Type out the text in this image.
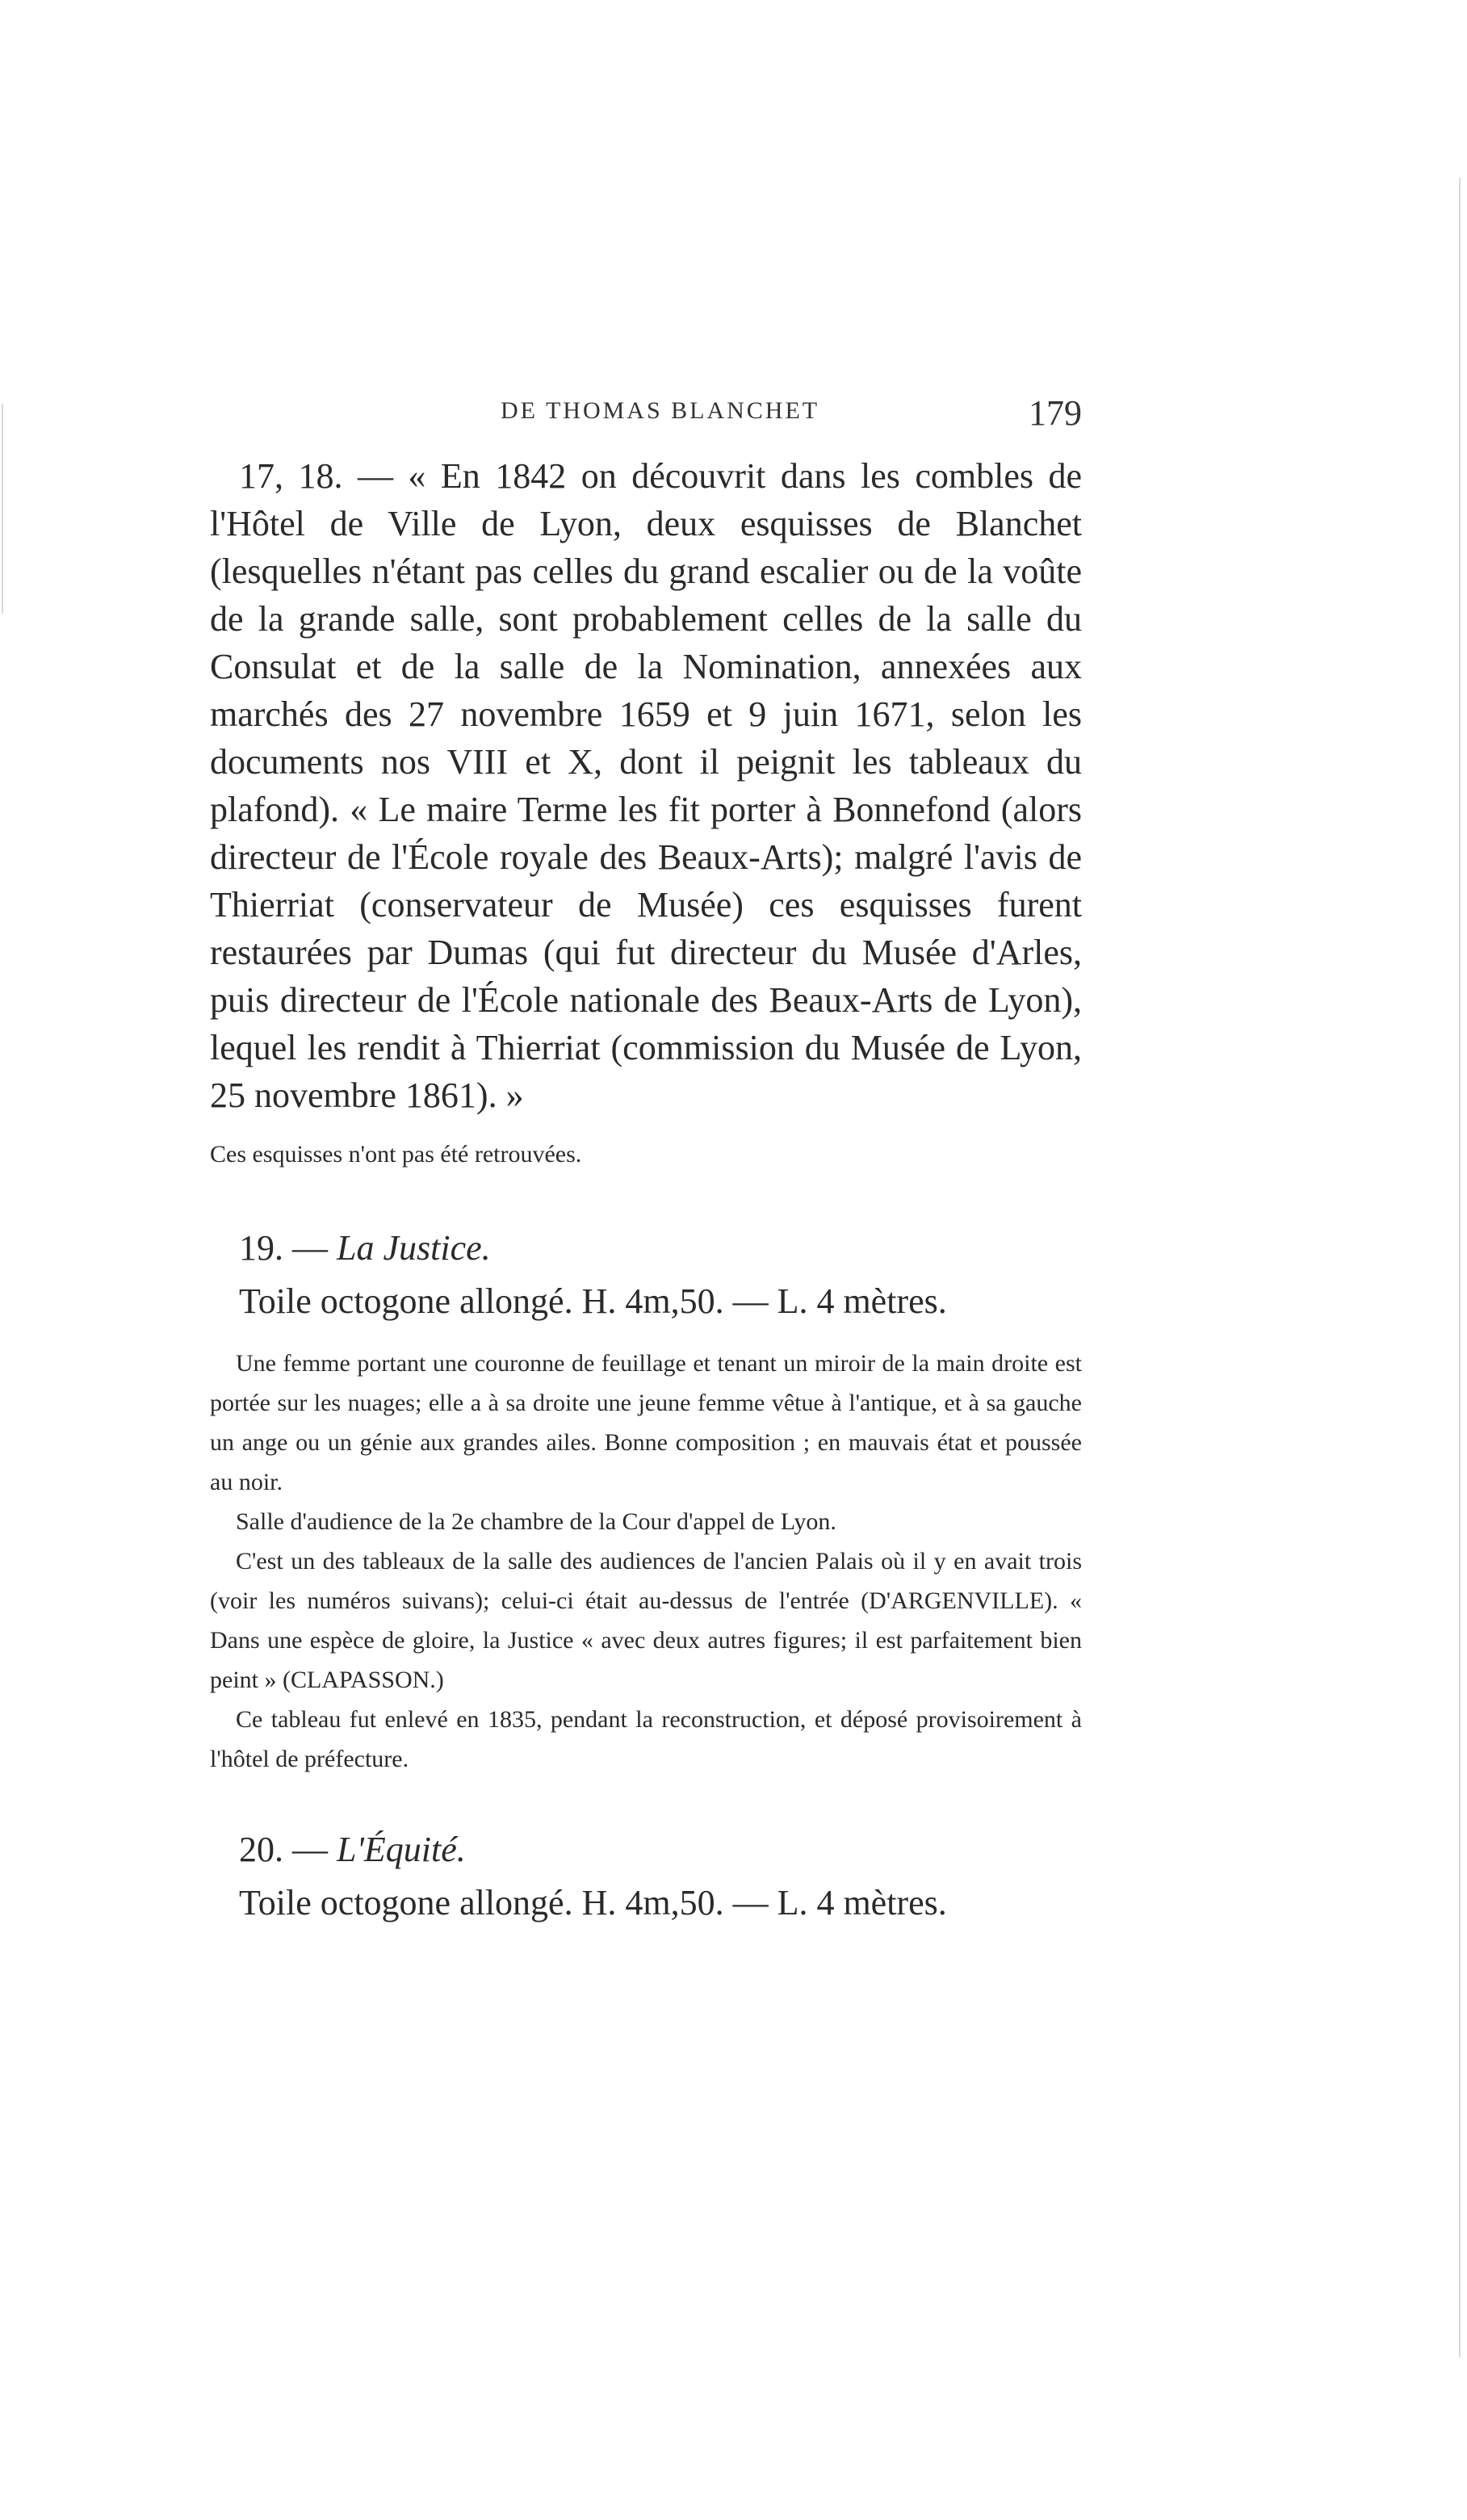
DE THOMAS BLANCHET	179

17, 18. — « En 1842 on découvrit dans les combles de l'Hôtel de Ville de Lyon, deux esquisses de Blanchet (lesquelles n'étant pas celles du grand escalier ou de la voûte de la grande salle, sont probablement celles de la salle du Consulat et de la salle de la Nomination, annexées aux marchés des 27 novembre 1659 et 9 juin 1671, selon les documents nos VIII et X, dont il peignit les tableaux du plafond). « Le maire Terme les fit porter à Bonnefond (alors directeur de l'École royale des Beaux-Arts); malgré l'avis de Thierriat (conservateur de Musée) ces esquisses furent restaurées par Dumas (qui fut directeur du Musée d'Arles, puis directeur de l'École nationale des Beaux-Arts de Lyon), lequel les rendit à Thierriat (commission du Musée de Lyon, 25 novembre 1861). »

Ces esquisses n'ont pas été retrouvées.

19. — La Justice.
Toile octogone allongé. H. 4m,50. — L. 4 mètres.

Une femme portant une couronne de feuillage et tenant un miroir de la main droite est portée sur les nuages; elle a à sa droite une jeune femme vêtue à l'antique, et à sa gauche un ange ou un génie aux grandes ailes. Bonne composition ; en mauvais état et poussée au noir.

Salle d'audience de la 2e chambre de la Cour d'appel de Lyon.

C'est un des tableaux de la salle des audiences de l'ancien Palais où il y en avait trois (voir les numéros suivans); celui-ci était au-dessus de l'entrée (D'ARGENVILLE). « Dans une espèce de gloire, la Justice « avec deux autres figures; il est parfaitement bien peint » (CLAPASSON.)

Ce tableau fut enlevé en 1835, pendant la reconstruction, et déposé provisoirement à l'hôtel de préfecture.

20. — L'Équité.
Toile octogone allongé. H. 4m,50. — L. 4 mètres.
